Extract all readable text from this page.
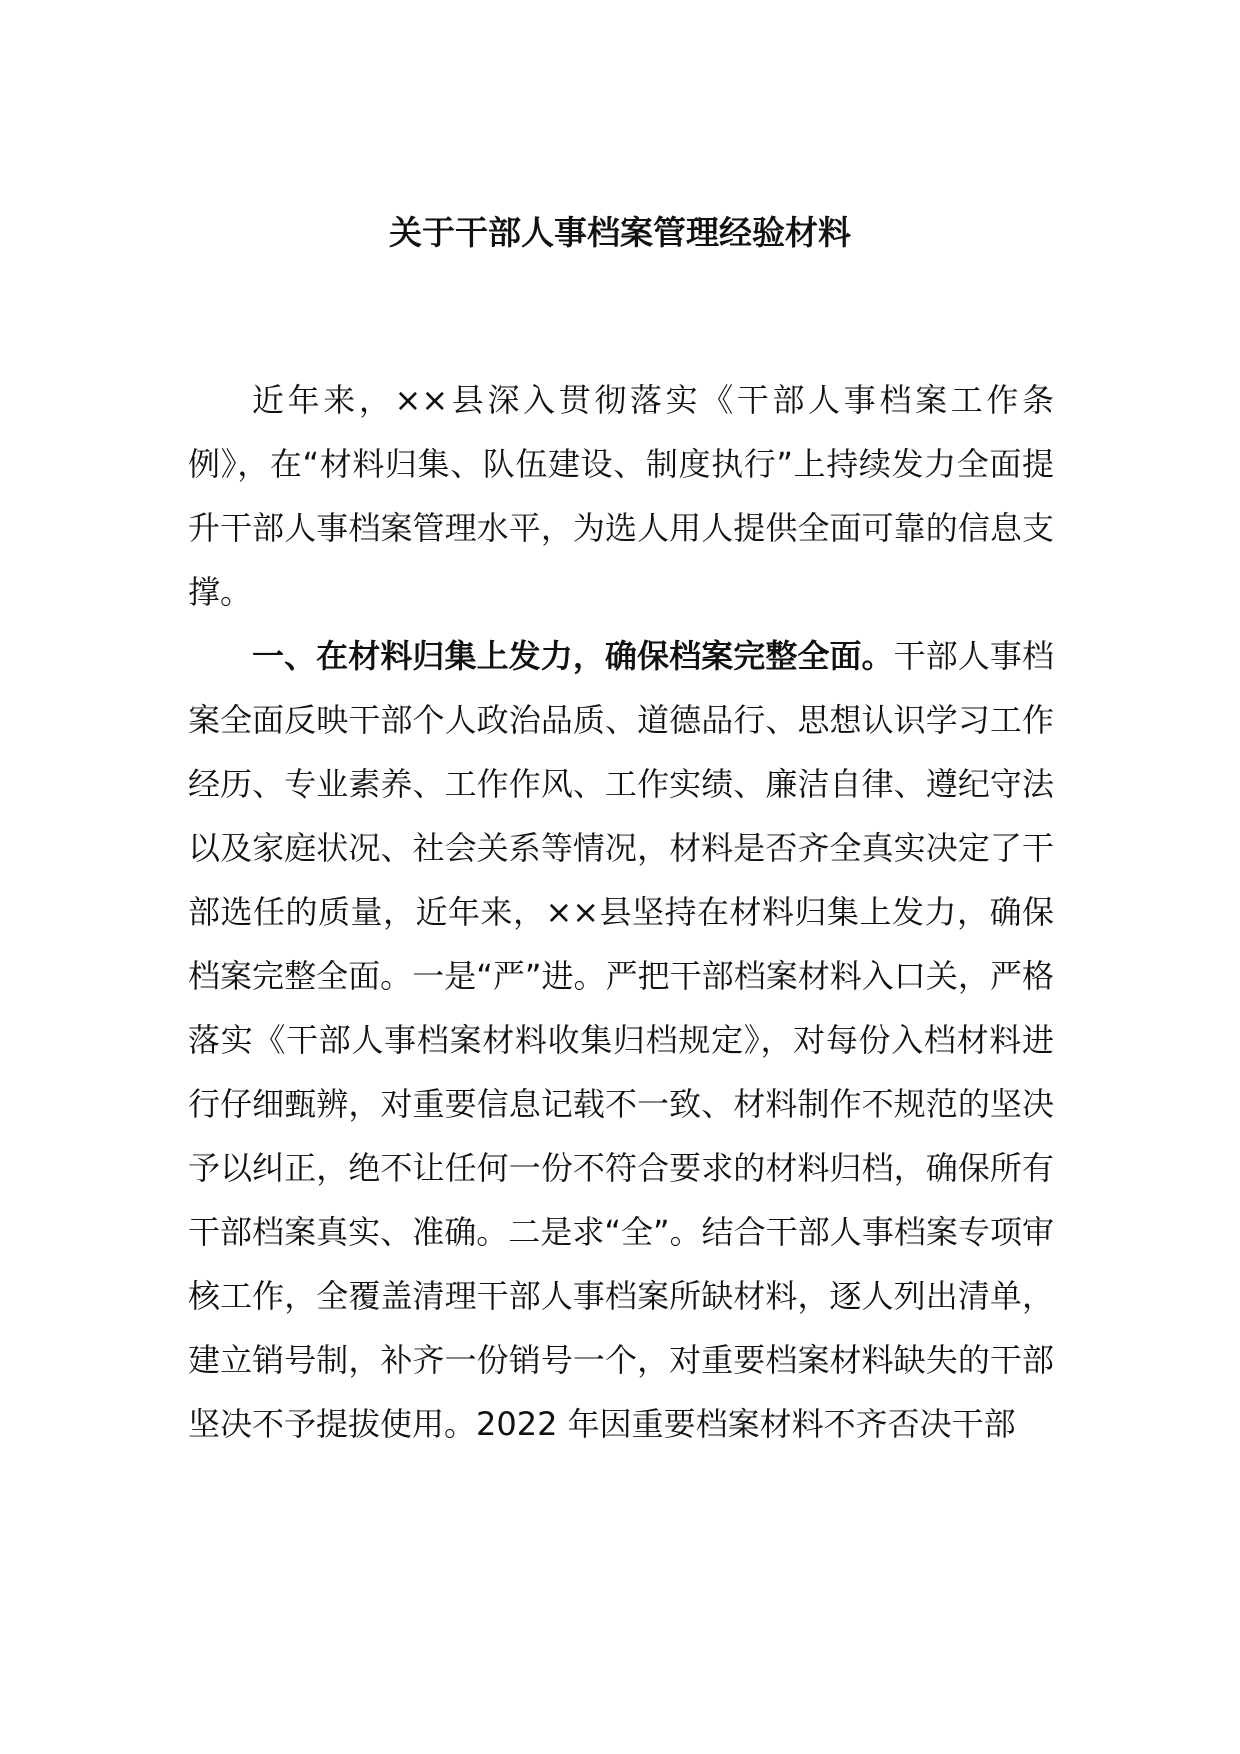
关于干部人事档案管理经验材料

近年来，××县深入贯彻落实《干部人事档案工作条例》，在“材料归集、队伍建设、制度执行”上持续发力全面提升干部人事档案管理水平，为选人用人提供全面可靠的信息支撑。

一、在材料归集上发力，确保档案完整全面。干部人事档案全面反映干部个人政治品质、道德品行、思想认识学习工作经历、专业素养、工作作风、工作实绩、廉洁自律、遵纪守法以及家庭状况、社会关系等情况，材料是否齐全真实决定了干部选任的质量，近年来，××县坚持在材料归集上发力，确保档案完整全面。一是“严”进。严把干部档案材料入口关，严格落实《干部人事档案材料收集归档规定》，对每份入档材料进行仔细甄辨，对重要信息记载不一致、材料制作不规范的坚决予以纠正，绝不让任何一份不符合要求的材料归档，确保所有干部档案真实、准确。二是求“全”。结合干部人事档案专项审核工作，全覆盖清理干部人事档案所缺材料，逐人列出清单，建立销号制，补齐一份销号一个，对重要档案材料缺失的干部坚决不予提拔使用。2022 年因重要档案材料不齐否决干部
